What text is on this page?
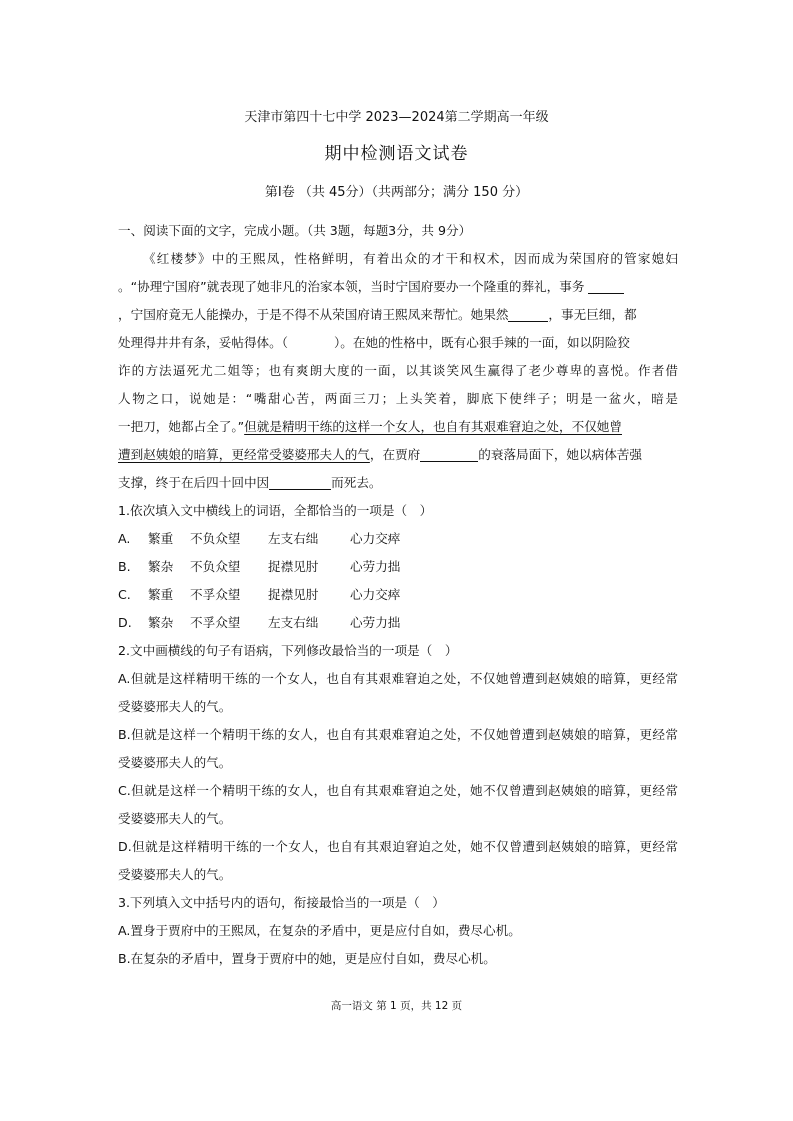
天津市第四十七中学 2023—2024第二学期高一年级
期中检测语文试卷
第Ⅰ卷 （共 45分）（共两部分；满分 150 分）
一、阅读下面的文字，完成小题。（共 3题，每题3分，共 9分）
《红楼梦》中的王熙凤，性格鲜明，有着出众的才干和权术，因而成为荣国府的管家媳妇
。“协理宁国府”就表现了她非凡的治家本领，当时宁国府要办一个隆重的葬礼，事务
，宁国府竟无人能操办，于是不得不从荣国府请王熙凤来帮忙。她果然	，事无巨细，都
处理得井井有条，妥帖得体。（	）。在她的性格中，既有心狠手辣的一面，如以阴险狡
诈的方法逼死尤二姐等；也有爽朗大度的一面，以其谈笑风生赢得了老少尊卑的喜悦。作者借
人物之口，说她是：“嘴甜心苦，两面三刀；上头笑着，脚底下使绊子；明是一盆火，暗是
一把刀，她都占全了。”但就是精明干练的这样一个女人，也自有其艰难窘迫之处，不仅她曾
遭到赵姨娘的暗算，更经常受婆婆邢夫人的气，在贾府	的衰落局面下，她以病体苦强
支撑，终于在后四十回中因	而死去。
1.依次填入文中横线上的词语，全都恰当的一项是（　）
A. 繁重 不负众望 左支右绌	心力交瘁
B. 繁杂 不负众望 捉襟见肘	心劳力拙
C. 繁重 不孚众望 捉襟见肘	心力交瘁
D. 繁杂 不孚众望 左支右绌	心劳力拙
2.文中画横线的句子有语病，下列修改最恰当的一项是（　）
A.但就是这样精明干练的一个女人，也自有其艰难窘迫之处，不仅她曾遭到赵姨娘的暗算，更经常
受婆婆邢夫人的气。
B.但就是这样一个精明干练的女人，也自有其艰难窘迫之处，不仅她曾遭到赵姨娘的暗算，更经常
受婆婆邢夫人的气。
C.但就是这样一个精明干练的女人，也自有其艰难窘迫之处，她不仅曾遭到赵姨娘的暗算，更经常
受婆婆邢夫人的气。
D.但就是这样精明干练的一个女人，也自有其艰迫窘迫之处，她不仅曾遭到赵姨娘的暗算，更经常
受婆婆邢夫人的气。
3.下列填入文中括号内的语句，衔接最恰当的一项是（　）
A.置身于贾府中的王熙凤，在复杂的矛盾中，更是应付自如，费尽心机。
B.在复杂的矛盾中，置身于贾府中的她，更是应付自如，费尽心机。
高一语文 第 1 页，共 12 页
